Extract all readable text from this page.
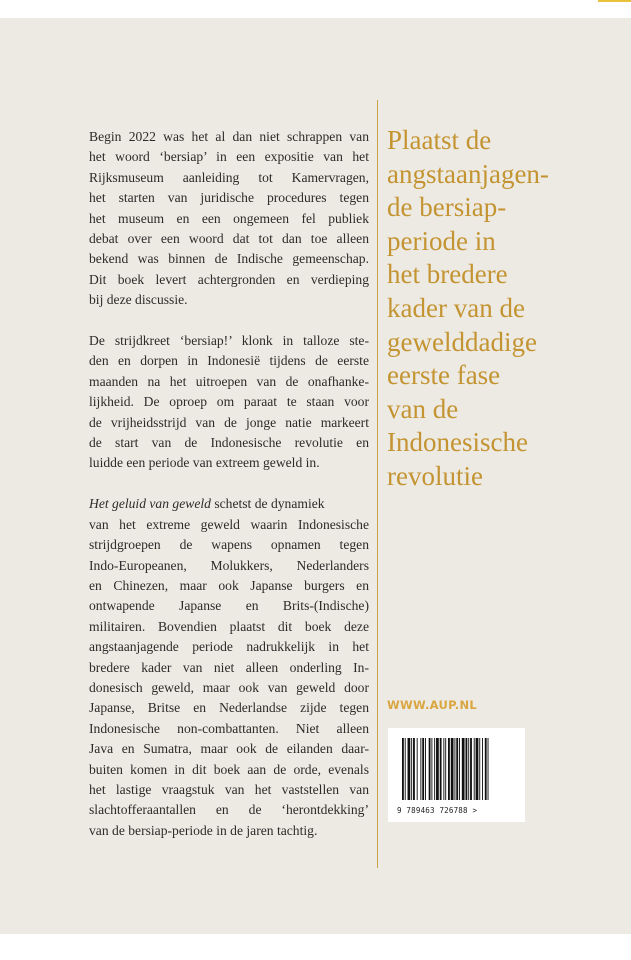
Begin 2022 was het al dan niet schrappen van
het woord ‘bersiap’ in een expositie van het
Rijksmuseum aanleiding tot Kamervragen,
het starten van juridische procedures tegen
het museum en een ongemeen fel publiek
debat over een woord dat tot dan toe alleen
bekend was binnen de Indische gemeenschap.
Dit boek levert achtergronden en verdieping
bij deze discussie.

De strijdkreet ‘bersiap!’ klonk in talloze ste-
den en dorpen in Indonesië tijdens de eerste
maanden na het uitroepen van de onafhanke-
lijkheid. De oproep om paraat te staan voor
de vrijheidsstrijd van de jonge natie markeert
de start van de Indonesische revolutie en
luidde een periode van extreem geweld in.

Het geluid van geweld schetst de dynamiek
van het extreme geweld waarin Indonesische
strijdgroepen de wapens opnamen tegen
Indo-Europeanen, Molukkers, Nederlanders
en Chinezen, maar ook Japanse burgers en
ontwapende Japanse en Brits-(Indische)
militairen. Bovendien plaatst dit boek deze
angstaanjagende periode nadrukkelijk in het
bredere kader van niet alleen onderling In-
donesisch geweld, maar ook van geweld door
Japanse, Britse en Nederlandse zijde tegen
Indonesische non-combattanten. Niet alleen
Java en Sumatra, maar ook de eilanden daar-
buiten komen in dit boek aan de orde, evenals
het lastige vraagstuk van het vaststellen van
slachtofferaantallen en de ‘herontdekking’
van de bersiap-periode in de jaren tachtig.

Plaatst de
angstaanjagen-
de bersiap-
periode in
het bredere
kader van de
gewelddadige
eerste fase
van de
Indonesische
revolutie
WWW.AUP.NL
9 789463 726788 >
